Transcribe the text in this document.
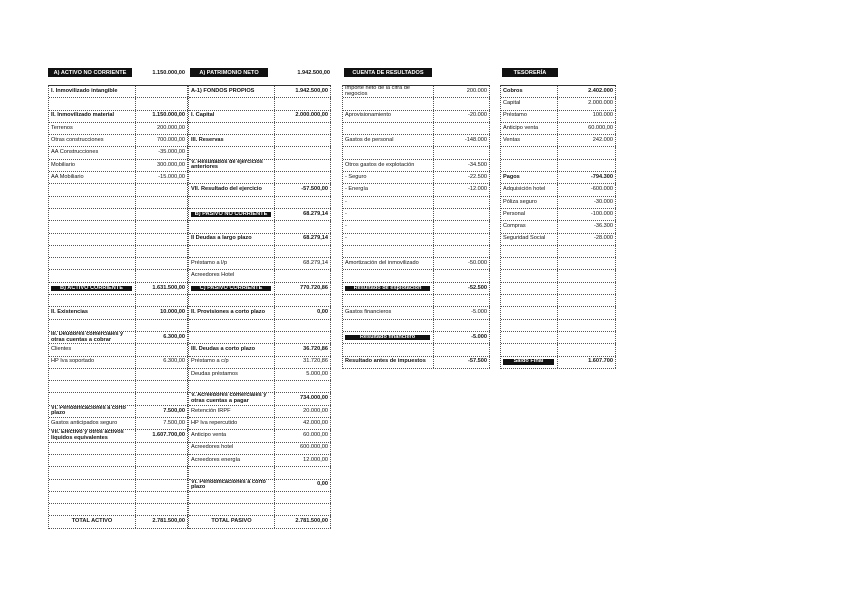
A) ACTIVO NO CORRIENTE	1.150.000,00	A) PATRIMONIO NETO	1.942.500,00	CUENTA DE RESULTADOS	TESORERÍA
I. Inmovilizado intangible
II. Inmovilizado material	1.150.000,00
Terrenos	200.000,00
Otras construcciones	700.000,00
AA Construcciones	-35.000,00
Mobiliario	300.000,00
AA Mobiliario	-15.000,00
B) ACTIVO CORRIENTE	1.631.500,00
II. Existencias	10.000,00
III. Deudores comerciales y otras cuentas a cobrar	6.300,00
Clientes
HP Iva soportado	6.300,00
VI. Periodificaciones a corto plazo	7.500,00
Gastos anticipados seguro	7.500,00
VII. Efectivo y otros activos líquidos equivalentes	1.607.700,00
TOTAL ACTIVO	2.781.500,00
A-1) FONDOS PROPIOS	1.942.500,00
I. Capital	2.000.000,00
III. Reservas
V. Resultados de ejercicios anteriores
VII. Resultado del ejercicio	-57.500,00
B) PASIVO NO CORRIENTE	68.279,14
II Deudas a largo plazo	68.279,14
Préstamo a l/p	68.279,14
Acreedores Hotel
C) PASIVO CORRIENTE	770.720,86
II. Provisiones a corto plazo	0,00
III. Deudas a corto plazo	36.720,86
Préstamo a c/p	31.720,86
Deudas préstamos	5.000,00
V. Acreedores comerciales y otras cuentas a pagar	734.000,00
Retención IRPF	20.000,00
HP Iva repercutido	42.000,00
Anticipo venta	60.000,00
Acreedores hotel	600.000,00
Acreedores energía	12.000,00
VI. Periodificaciones a corto plazo	0,00
TOTAL PASIVO	2.781.500,00
Importe neto de la cifra de negocios	200.000
Aprovisionamiento	-20.000
Gastos de personal	-148.000
Otros gastos de explotación	-34.500
- Seguro	-22.500
- Energía	-12.000
-
-
-
-
Amortización del inmovilizado	-50.000
Resultado de explotación	-52.500
Gastos financieros	-5.000
Resultado financiero	-5.000
Resultado antes de impuestos	-57.500
Cobros	2.402.000
Capital	2.000.000
Préstamo	100.000
Anticipo venta	60.000,00
Ventas	242.000
Pagos	-794.300
Adquisición hotel	-600.000
Póliza seguro	-30.000
Personal	-100.000
Compras	-36.300
Seguridad Social	-28.000
Saldo Final	1.607.700
